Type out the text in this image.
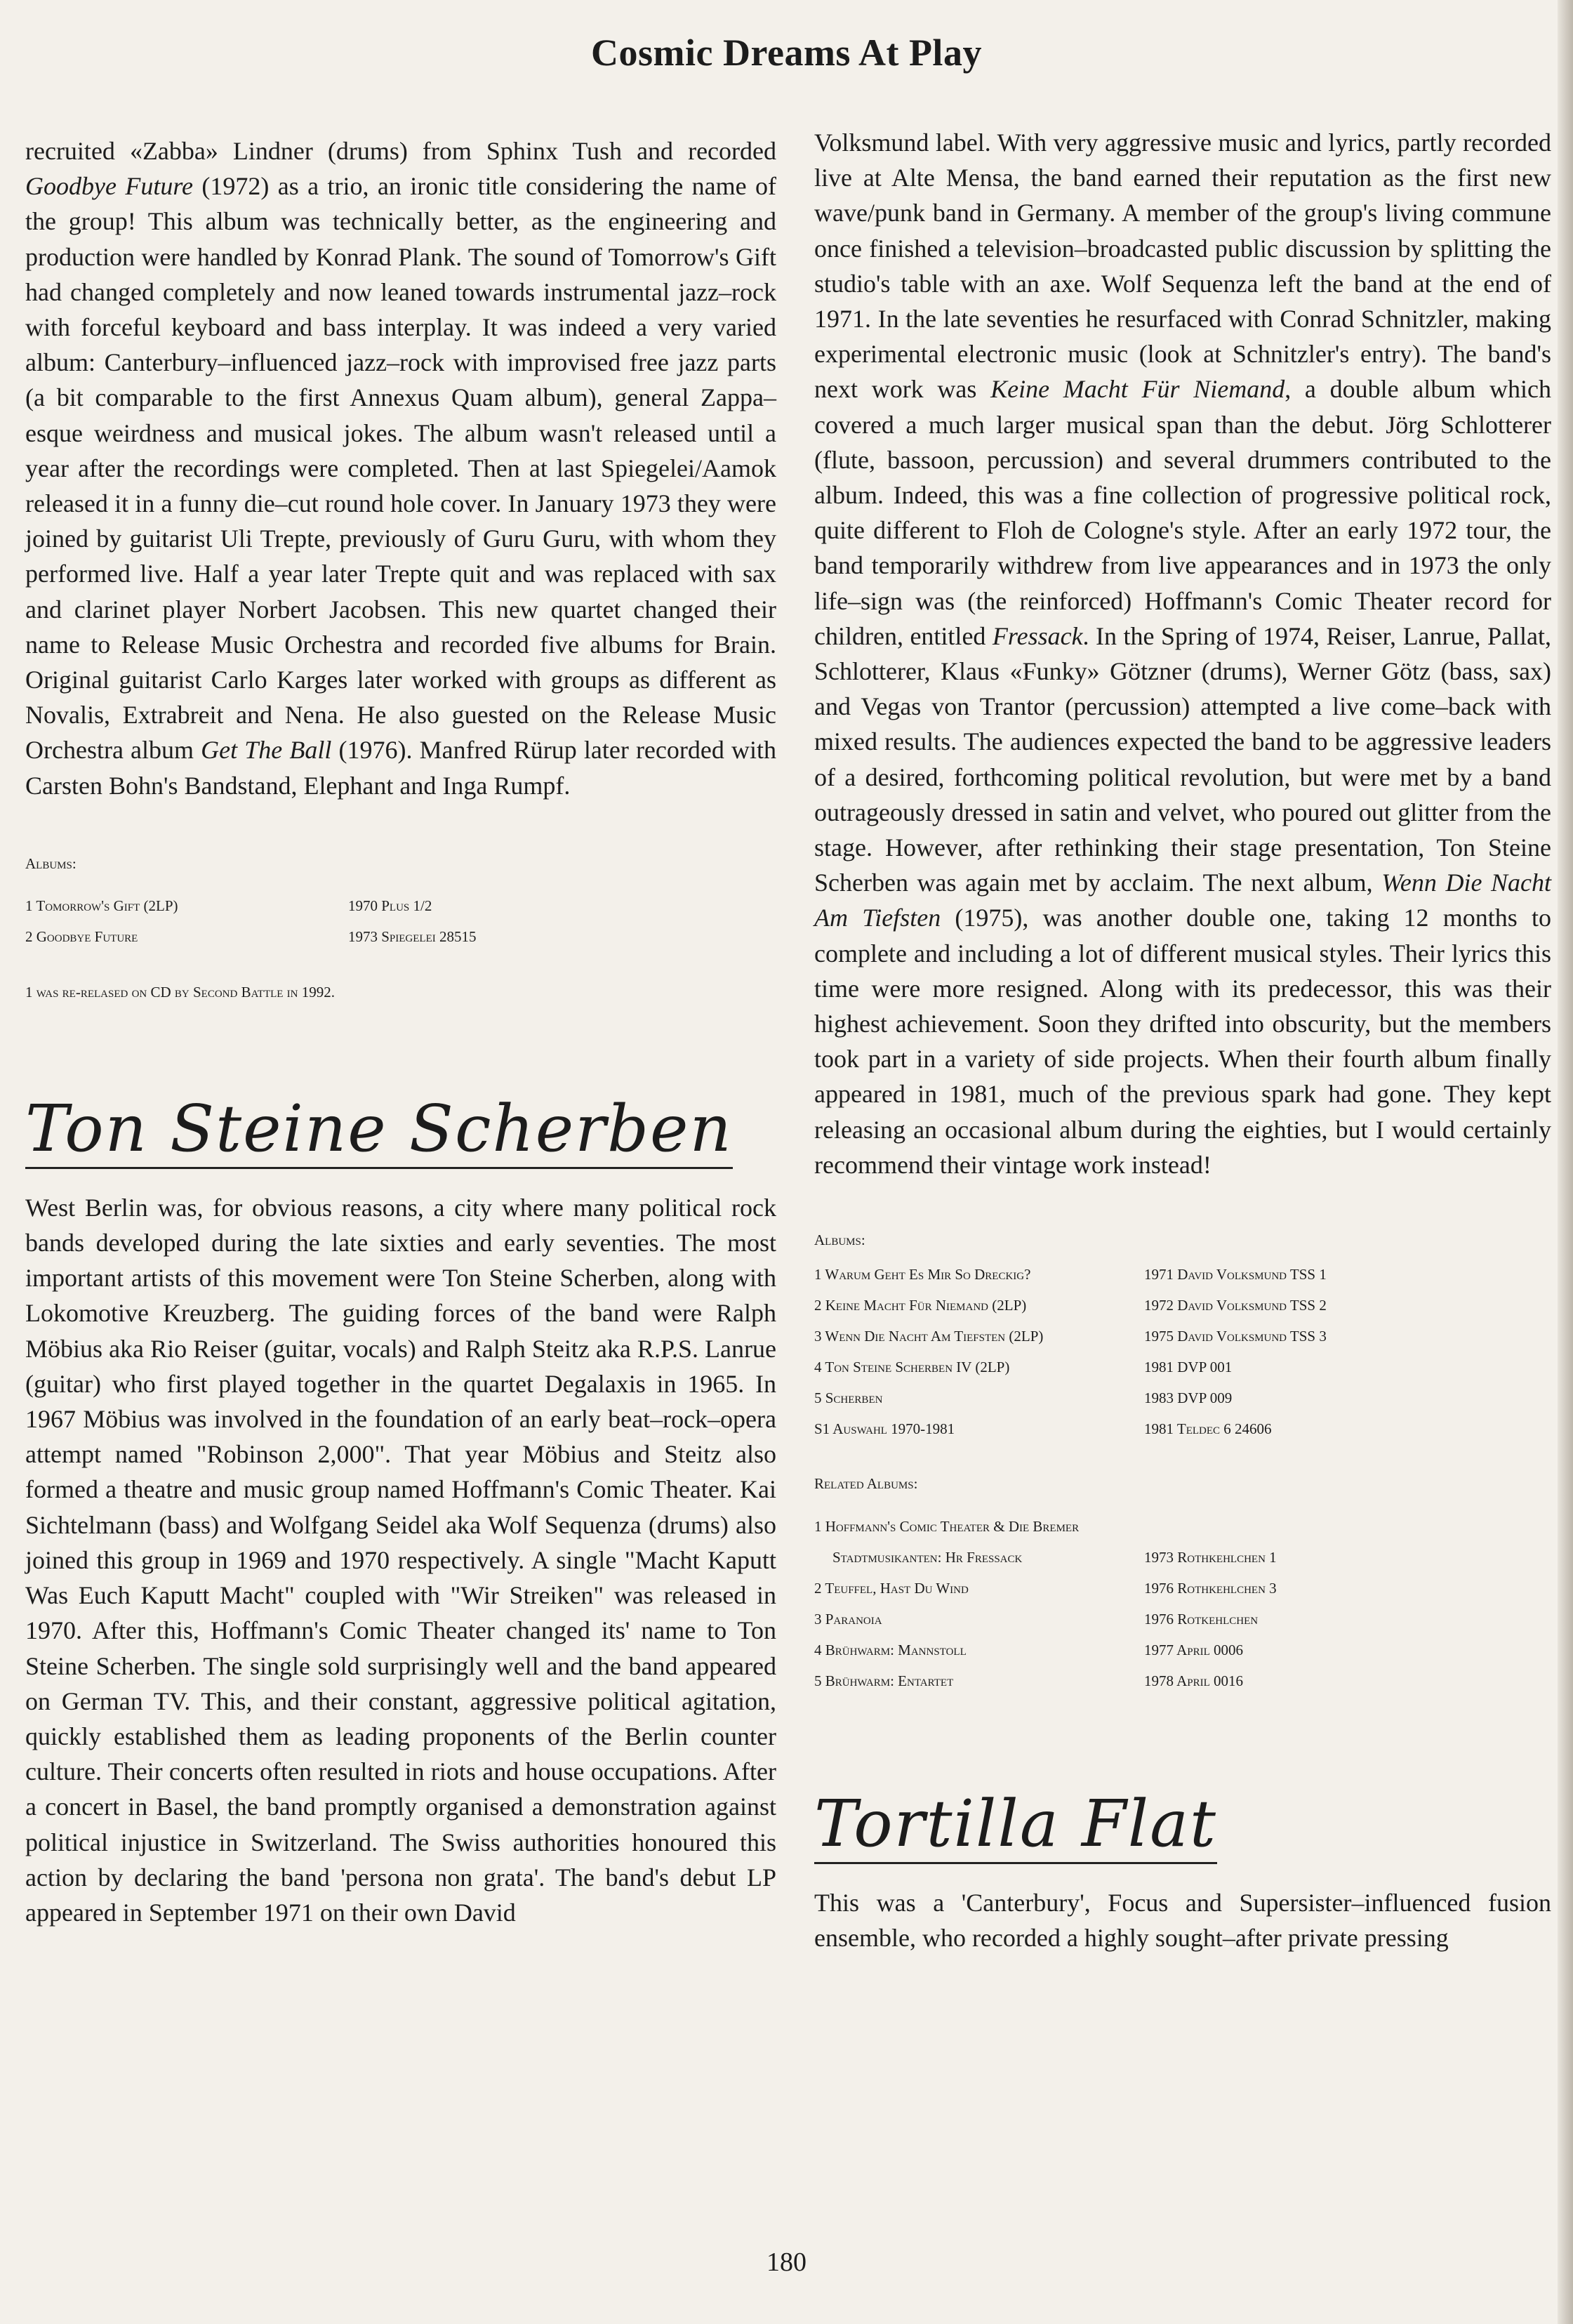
Cosmic Dreams At Play

recruited «Zabba» Lindner (drums) from Sphinx Tush and recorded Goodbye Future (1972) as a trio, an ironic title considering the name of the group! This album was technically better, as the engineering and production were handled by Konrad Plank. The sound of Tomorrow's Gift had changed completely and now leaned towards instrumental jazz–rock with forceful keyboard and bass interplay. It was indeed a very varied album: Canterbury–influenced jazz–rock with improvised free jazz parts (a bit comparable to the first Annexus Quam album), general Zappa–esque weirdness and musical jokes. The album wasn't released until a year after the recordings were completed. Then at last Spiegelei/Aamok released it in a funny die–cut round hole cover. In January 1973 they were joined by guitarist Uli Trepte, previously of Guru Guru, with whom they performed live. Half a year later Trepte quit and was replaced with sax and clarinet player Norbert Jacobsen. This new quartet changed their name to Release Music Orchestra and recorded five albums for Brain. Original guitarist Carlo Karges later worked with groups as different as Novalis, Extrabreit and Nena. He also guested on the Release Music Orchestra album Get The Ball (1976). Manfred Rürup later recorded with Carsten Bohn's Bandstand, Elephant and Inga Rumpf.

Albums:
1 Tomorrow's Gift (2LP)	1970 Plus 1/2
2 Goodbye Future	1973 Spiegelei 28515
1 was re-relased on CD by Second Battle in 1992.
Ton Steine Scherben

West Berlin was, for obvious reasons, a city where many political rock bands developed during the late sixties and early seventies. The most important artists of this movement were Ton Steine Scherben, along with Lokomotive Kreuzberg. The guiding forces of the band were Ralph Möbius aka Rio Reiser (guitar, vocals) and Ralph Steitz aka R.P.S. Lanrue (guitar) who first played together in the quartet Degalaxis in 1965. In 1967 Möbius was involved in the foundation of an early beat–rock–opera attempt named "Robinson 2,000". That year Möbius and Steitz also formed a theatre and music group named Hoffmann's Comic Theater. Kai Sichtelmann (bass) and Wolfgang Seidel aka Wolf Sequenza (drums) also joined this group in 1969 and 1970 respectively. A single "Macht Kaputt Was Euch Kaputt Macht" coupled with "Wir Streiken" was released in 1970. After this, Hoffmann's Comic Theater changed its' name to Ton Steine Scherben. The single sold surprisingly well and the band appeared on German TV. This, and their constant, aggressive political agitation, quickly established them as leading proponents of the Berlin counter culture. Their concerts often resulted in riots and house occupations. After a concert in Basel, the band promptly organised a demonstration against political injustice in Switzerland. The Swiss authorities honoured this action by declaring the band 'persona non grata'. The band's debut LP appeared in September 1971 on their own David

Volksmund label. With very aggressive music and lyrics, partly recorded live at Alte Mensa, the band earned their reputation as the first new wave/punk band in Germany. A member of the group's living commune once finished a television–broadcasted public discussion by splitting the studio's table with an axe. Wolf Sequenza left the band at the end of 1971. In the late seventies he resurfaced with Conrad Schnitzler, making experimental electronic music (look at Schnitzler's entry). The band's next work was Keine Macht Für Niemand, a double album which covered a much larger musical span than the debut. Jörg Schlotterer (flute, bassoon, percussion) and several drummers contributed to the album. Indeed, this was a fine collection of progressive political rock, quite different to Floh de Cologne's style. After an early 1972 tour, the band temporarily withdrew from live appearances and in 1973 the only life–sign was (the reinforced) Hoffmann's Comic Theater record for children, entitled Fressack. In the Spring of 1974, Reiser, Lanrue, Pallat, Schlotterer, Klaus «Funky» Götzner (drums), Werner Götz (bass, sax) and Vegas von Trantor (percussion) attempted a live come–back with mixed results. The audiences expected the band to be aggressive leaders of a desired, forthcoming political revolution, but were met by a band outrageously dressed in satin and velvet, who poured out glitter from the stage. However, after rethinking their stage presentation, Ton Steine Scherben was again met by acclaim. The next album, Wenn Die Nacht Am Tiefsten (1975), was another double one, taking 12 months to complete and including a lot of different musical styles. Their lyrics this time were more resigned. Along with its predecessor, this was their highest achievement. Soon they drifted into obscurity, but the members took part in a variety of side projects. When their fourth album finally appeared in 1981, much of the previous spark had gone. They kept releasing an occasional album during the eighties, but I would certainly recommend their vintage work instead!

Albums:
1 Warum Geht Es Mir So Dreckig?	1971 David Volksmund TSS 1
2 Keine Macht Für Niemand (2LP)	1972 David Volksmund TSS 2
3 Wenn Die Nacht Am Tiefsten (2LP)	1975 David Volksmund TSS 3
4 Ton Steine Scherben IV (2LP)	1981 DVP 001
5 Scherben	1983 DVP 009
S1 Auswahl 1970-1981	1981 Teldec 6 24606
Related Albums:
1 Hoffmann's Comic Theater & Die Bremer
Stadtmusikanten: Hr Fressack	1973 Rothkehlchen 1
2 Teuffel, Hast Du Wind	1976 Rothkehlchen 3
3 Paranoia	1976 Rotkehlchen
4 Brühwarm: Mannstoll	1977 April 0006
5 Brühwarm: Entartet	1978 April 0016
Tortilla Flat

This was a 'Canterbury', Focus and Supersister–influenced fusion ensemble, who recorded a highly sought–after private pressing

180
